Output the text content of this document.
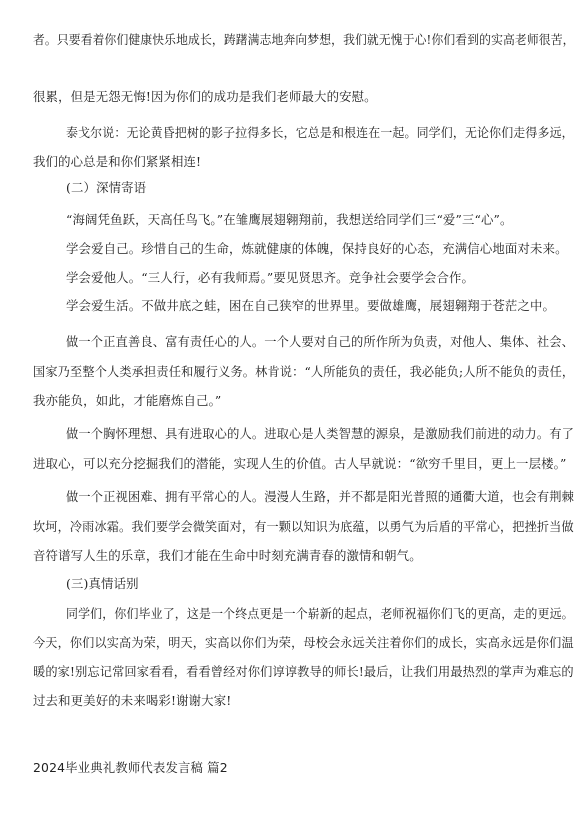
者。只要看着你们健康快乐地成长，踌躇满志地奔向梦想，我们就无愧于心!你们看到的实高老师很苦，
很累，但是无怨无悔!因为你们的成功是我们老师最大的安慰。
泰戈尔说：无论黄昏把树的影子拉得多长，它总是和根连在一起。同学们，无论你们走得多远，
我们的心总是和你们紧紧相连!
(二）深情寄语
“海阔凭鱼跃，天高任鸟飞。”在雏鹰展翅翱翔前，我想送给同学们三“爱”三“心”。
学会爱自己。珍惜自己的生命，炼就健康的体魄，保持良好的心态，充满信心地面对未来。
学会爱他人。“三人行，必有我师焉。”要见贤思齐。竞争社会要学会合作。
学会爱生活。不做井底之蛙，困在自己狭窄的世界里。要做雄鹰，展翅翱翔于苍茫之中。
做一个正直善良、富有责任心的人。一个人要对自己的所作所为负责，对他人、集体、社会、
国家乃至整个人类承担责任和履行义务。林肯说：“人所能负的责任，我必能负;人所不能负的责任，
我亦能负，如此，才能磨炼自己。”
做一个胸怀理想、具有进取心的人。进取心是人类智慧的源泉，是激励我们前进的动力。有了
进取心，可以充分挖掘我们的潜能，实现人生的价值。古人早就说：“欲穷千里目，更上一层楼。”
做一个正视困难、拥有平常心的人。漫漫人生路，并不都是阳光普照的通衢大道，也会有荆棘
坎坷，冷雨冰霜。我们要学会微笑面对，有一颗以知识为底蕴，以勇气为后盾的平常心，把挫折当做
音符谱写人生的乐章，我们才能在生命中时刻充满青春的激情和朝气。
(三)真情话别
同学们，你们毕业了，这是一个终点更是一个崭新的起点，老师祝福你们飞的更高，走的更远。
今天，你们以实高为荣，明天，实高以你们为荣，母校会永远关注着你们的成长，实高永远是你们温
暖的家!别忘记常回家看看，看看曾经对你们谆谆教导的师长!最后，让我们用最热烈的掌声为难忘的
过去和更美好的未来喝彩!谢谢大家!
2024毕业典礼教师代表发言稿 篇2
